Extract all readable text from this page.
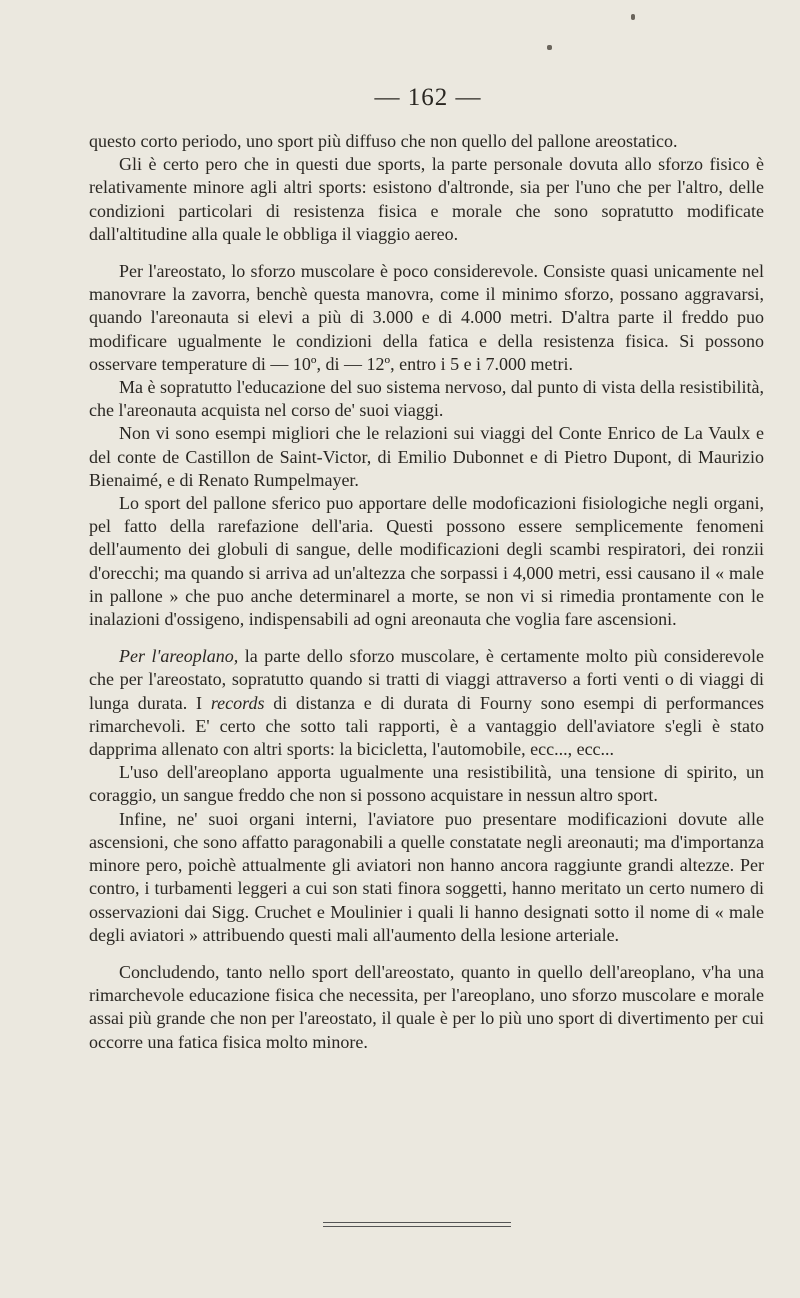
— 162 —

questo corto periodo, uno sport più diffuso che non quello del pallone areostatico.

Gli è certo pero che in questi due sports, la parte personale dovuta allo sforzo fisico è relativamente minore agli altri sports: esistono d'altronde, sia per l'uno che per l'altro, delle condizioni particolari di resistenza fisica e morale che sono sopratutto modificate dall'altitudine alla quale le obbliga il viaggio aereo.

Per l'areostato, lo sforzo muscolare è poco considerevole. Consiste quasi unicamente nel manovrare la zavorra, benchè questa manovra, come il minimo sforzo, possano aggravarsi, quando l'areonauta si elevi a più di 3.000 e di 4.000 metri. D'altra parte il freddo puo modificare ugualmente le condizioni della fatica e della resistenza fisica. Si possono osservare temperature di — 10º, di — 12º, entro i 5 e i 7.000 metri.

Ma è sopratutto l'educazione del suo sistema nervoso, dal punto di vista della resistibilità, che l'areonauta acquista nel corso de' suoi viaggi.

Non vi sono esempi migliori che le relazioni sui viaggi del Conte Enrico de La Vaulx e del conte de Castillon de Saint-Victor, di Emilio Dubonnet e di Pietro Dupont, di Maurizio Bienaimé, e di Renato Rumpelmayer.

Lo sport del pallone sferico puo apportare delle modoficazioni fisiologiche negli organi, pel fatto della rarefazione dell'aria. Questi possono essere semplicemente fenomeni dell'aumento dei globuli di sangue, delle modificazioni degli scambi respiratori, dei ronzii d'orecchi; ma quando si arriva ad un'altezza che sorpassi i 4,000 metri, essi causano il « male in pallone » che puo anche determinarel a morte, se non vi si rimedia prontamente con le inalazioni d'ossigeno, indispensabili ad ogni areonauta che voglia fare ascensioni.

Per l'areoplano, la parte dello sforzo muscolare, è certamente molto più considerevole che per l'areostato, sopratutto quando si tratti di viaggi attraverso a forti venti o di viaggi di lunga durata. I records di distanza e di durata di Fourny sono esempi di performances rimarchevoli. E' certo che sotto tali rapporti, è a vantaggio dell'aviatore s'egli è stato dapprima allenato con altri sports: la bicicletta, l'automobile, ecc..., ecc...

L'uso dell'areoplano apporta ugualmente una resistibilità, una tensione di spirito, un coraggio, un sangue freddo che non si possono acquistare in nessun altro sport.

Infine, ne' suoi organi interni, l'aviatore puo presentare modificazioni dovute alle ascensioni, che sono affatto paragonabili a quelle constatate negli areonauti; ma d'importanza minore pero, poichè attualmente gli aviatori non hanno ancora raggiunte grandi altezze. Per contro, i turbamenti leggeri a cui son stati finora soggetti, hanno meritato un certo numero di osservazioni dai Sigg. Cruchet e Moulinier i quali li hanno designati sotto il nome di « male degli aviatori » attribuendo questi mali all'aumento della lesione arteriale.

Concludendo, tanto nello sport dell'areostato, quanto in quello dell'areoplano, v'ha una rimarchevole educazione fisica che necessita, per l'areoplano, uno sforzo muscolare e morale assai più grande che non per l'areostato, il quale è per lo più uno sport di divertimento per cui occorre una fatica fisica molto minore.
